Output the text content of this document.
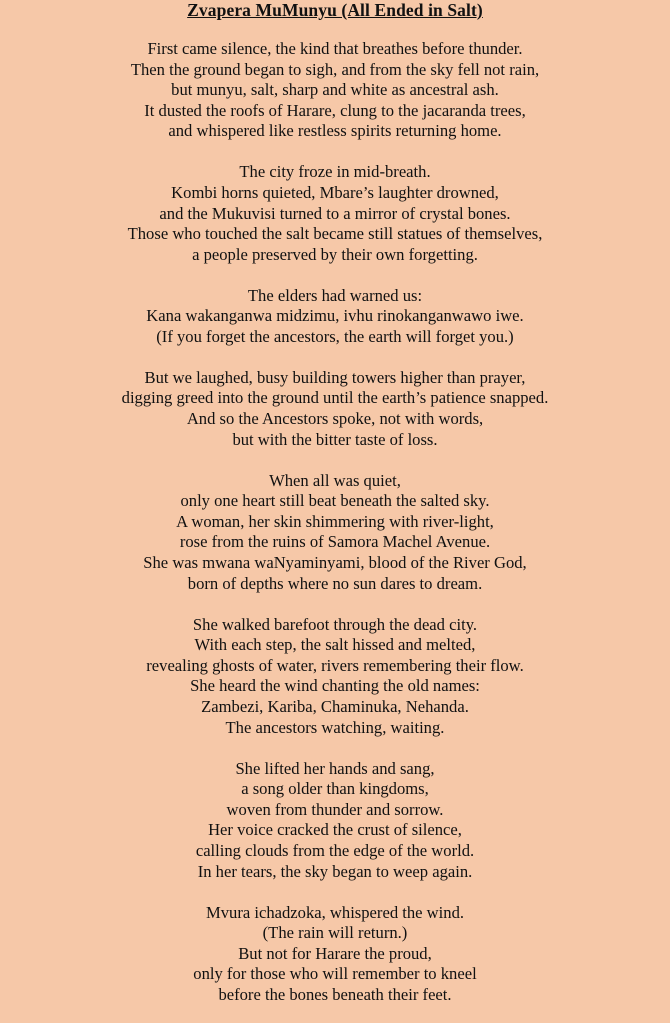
Zvapera MuMunyu (All Ended in Salt)

First came silence, the kind that breathes before thunder.
Then the ground began to sigh, and from the sky fell not rain,
but munyu, salt, sharp and white as ancestral ash.
It dusted the roofs of Harare, clung to the jacaranda trees,
and whispered like restless spirits returning home.

The city froze in mid-breath.
Kombi horns quieted, Mbare’s laughter drowned,
and the Mukuvisi turned to a mirror of crystal bones.
Those who touched the salt became still statues of themselves,
a people preserved by their own forgetting.

The elders had warned us:
Kana wakanganwa midzimu, ivhu rinokanganwawo iwe.
(If you forget the ancestors, the earth will forget you.)

But we laughed, busy building towers higher than prayer,
digging greed into the ground until the earth’s patience snapped.
And so the Ancestors spoke, not with words,
but with the bitter taste of loss.

When all was quiet,
only one heart still beat beneath the salted sky.
A woman, her skin shimmering with river-light,
rose from the ruins of Samora Machel Avenue.
She was mwana waNyaminyami, blood of the River God,
born of depths where no sun dares to dream.

She walked barefoot through the dead city.
With each step, the salt hissed and melted,
revealing ghosts of water, rivers remembering their flow.
She heard the wind chanting the old names:
Zambezi, Kariba, Chaminuka, Nehanda.
The ancestors watching, waiting.

She lifted her hands and sang,
a song older than kingdoms,
woven from thunder and sorrow.
Her voice cracked the crust of silence,
calling clouds from the edge of the world.
In her tears, the sky began to weep again.

Mvura ichadzoka, whispered the wind.
(The rain will return.)
But not for Harare the proud,
only for those who will remember to kneel
before the bones beneath their feet.
